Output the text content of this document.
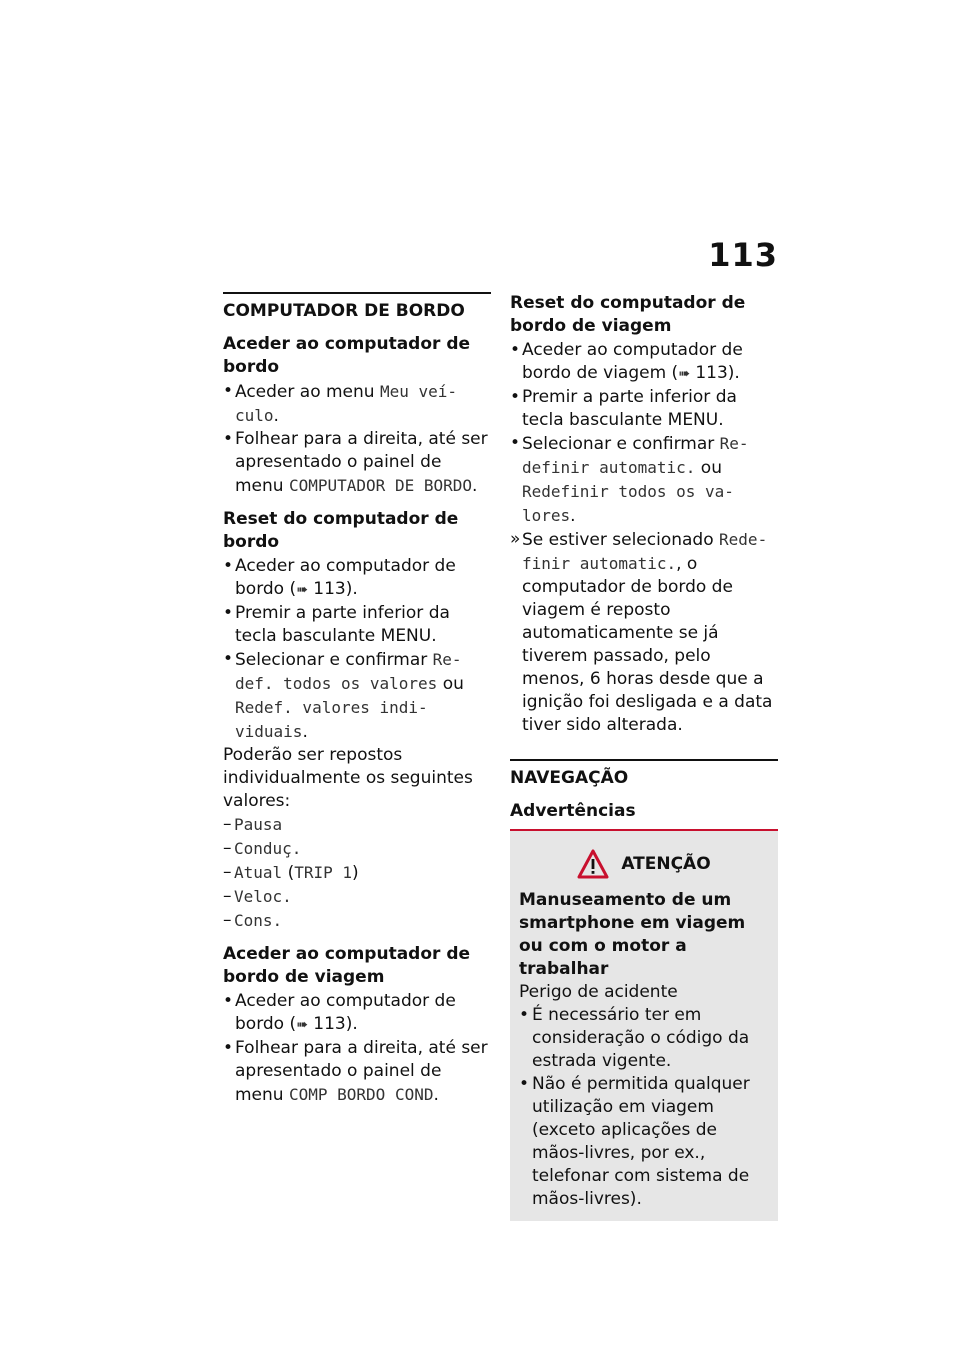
113
COMPUTADOR DE BORDO
Aceder ao computador de bordo
• Aceder ao menu Meu veí-culo.
• Folhear para a direita, até ser apresentado o painel de menu COMPUTADOR DE BORDO.
Reset do computador de bordo
• Aceder ao computador de bordo (➠ 113).
• Premir a parte inferior da tecla basculante MENU.
• Selecionar e confirmar Re-def. todos os valores ou Redef. valores indi-viduais.

Poderão ser repostos individualmente os seguintes valores:

– Pausa
– Conduç.
– Atual (TRIP 1)
– Veloc.
– Cons.
Aceder ao computador de bordo de viagem
• Aceder ao computador de bordo (➠ 113).
• Folhear para a direita, até ser apresentado o painel de menu COMP BORDO COND.
Reset do computador de bordo de viagem
• Aceder ao computador de bordo de viagem (➠ 113).
• Premir a parte inferior da tecla basculante MENU.
• Selecionar e confirmar Re-definir automatic. ou Redefinir todos os va-lores.
» Se estiver selecionado Rede-finir automatic., o computador de bordo de viagem é reposto automaticamente se já tiverem passado, pelo menos, 6 horas desde que a ignição foi desligada e a data tiver sido alterada.
NAVEGAÇÃO
Advertências
ATENÇÃO

Manuseamento de um smartphone em viagem ou com o motor a trabalhar

Perigo de acidente

• É necessário ter em consideração o código da estrada vigente.
• Não é permitida qualquer utilização em viagem (exceto aplicações de mãos-livres, por ex., telefonar com sistema de mãos-livres).
